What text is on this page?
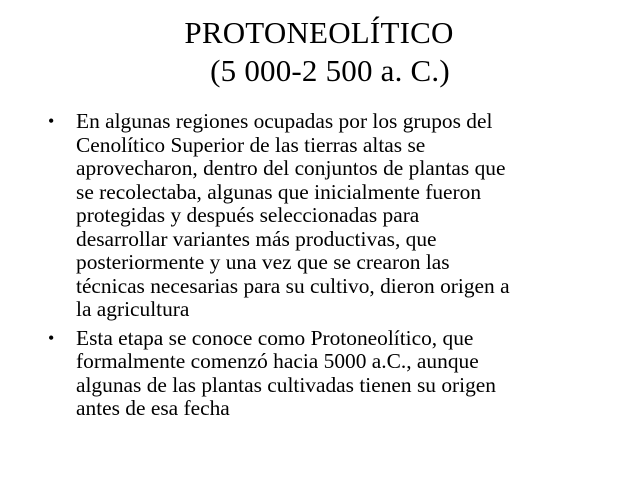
PROTONEOLÍTICO
(5 000-2 500 a. C.)
• En algunas regiones ocupadas por los grupos del
Cenolítico Superior de las tierras altas se
aprovecharon, dentro del conjuntos de plantas que
se recolectaba, algunas que inicialmente fueron
protegidas y después seleccionadas para
desarrollar variantes más productivas, que
posteriormente y una vez que se crearon las
técnicas necesarias para su cultivo, dieron origen a
la agricultura
• Esta etapa se conoce como Protoneolítico, que
formalmente comenzó hacia 5000 a.C., aunque
algunas de las plantas cultivadas tienen su origen
antes de esa fecha
